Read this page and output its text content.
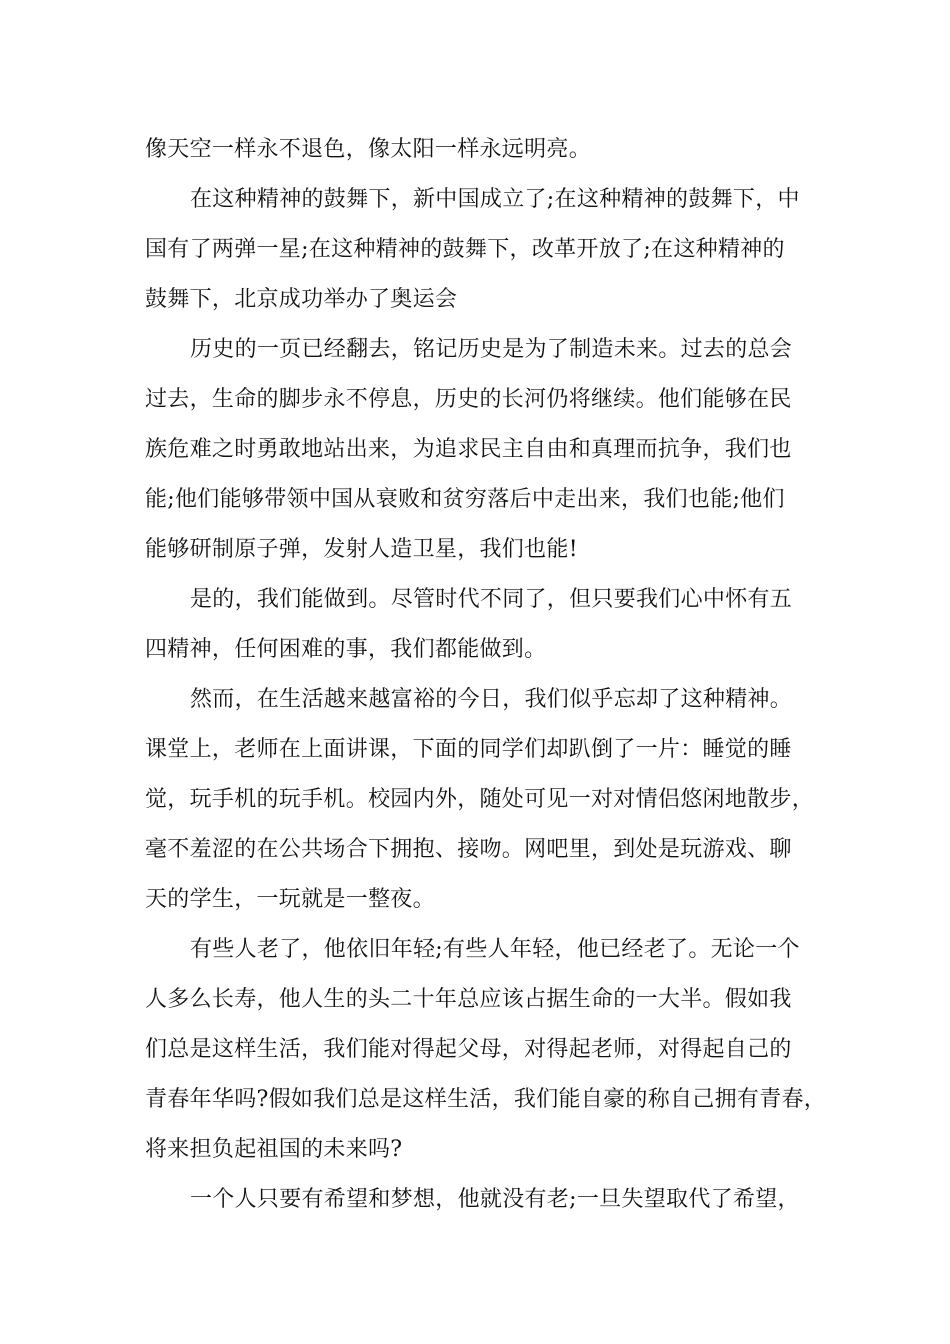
像天空一样永不退色，像太阳一样永远明亮。
在这种精神的鼓舞下，新中国成立了;在这种精神的鼓舞下，中
国有了两弹一星;在这种精神的鼓舞下，改革开放了;在这种精神的
鼓舞下，北京成功举办了奥运会
历史的一页已经翻去，铭记历史是为了制造未来。过去的总会
过去，生命的脚步永不停息，历史的长河仍将继续。他们能够在民
族危难之时勇敢地站出来，为追求民主自由和真理而抗争，我们也
能;他们能够带领中国从衰败和贫穷落后中走出来，我们也能;他们
能够研制原子弹，发射人造卫星，我们也能!
是的，我们能做到。尽管时代不同了，但只要我们心中怀有五
四精神，任何困难的事，我们都能做到。
然而，在生活越来越富裕的今日，我们似乎忘却了这种精神。
课堂上，老师在上面讲课，下面的同学们却趴倒了一片：睡觉的睡
觉，玩手机的玩手机。校园内外，随处可见一对对情侣悠闲地散步，
毫不羞涩的在公共场合下拥抱、接吻。网吧里，到处是玩游戏、聊
天的学生，一玩就是一整夜。
有些人老了，他依旧年轻;有些人年轻，他已经老了。无论一个
人多么长寿，他人生的头二十年总应该占据生命的一大半。假如我
们总是这样生活，我们能对得起父母，对得起老师，对得起自己的
青春年华吗?假如我们总是这样生活，我们能自豪的称自己拥有青春，
将来担负起祖国的未来吗?
一个人只要有希望和梦想，他就没有老;一旦失望取代了希望，
